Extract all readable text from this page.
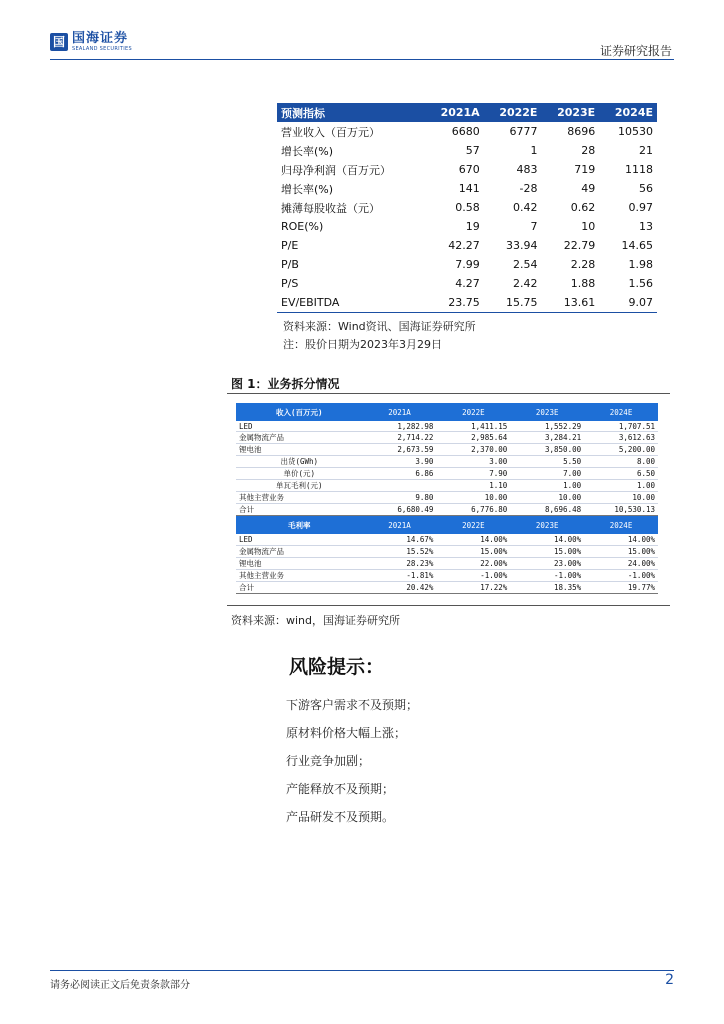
国 国海证券
SEALAND SECURITIES	证券研究报告
预测指标	2021A	2022E	2023E	2024E
营业收入（百万元）	6680	6777	8696	10530
增长率(%)	57	1	28	21
归母净利润（百万元）	670	483	719	1118
增长率(%)	141	-28	49	56
摊薄每股收益（元）	0.58	0.42	0.62	0.97
ROE(%)	19	7	10	13
P/E	42.27	33.94	22.79	14.65
P/B	7.99	2.54	2.28	1.98
P/S	4.27	2.42	1.88	1.56
EV/EBITDA	23.75	15.75	13.61	9.07
资料来源：Wind资讯、国海证券研究所
注：股价日期为2023年3月29日
图 1：业务拆分情况
收入(百万元)	2021A	2022E	2023E	2024E
LED	1,282.98	1,411.15	1,552.29	1,707.51
金属物流产品	2,714.22	2,985.64	3,284.21	3,612.63
锂电池	2,673.59	2,370.00	3,850.00	5,200.00
出货(GWh)	3.90	3.00	5.50	8.00
单价(元)	6.86	7.90	7.00	6.50
单瓦毛利(元)		1.10	1.00	1.00
其他主营业务	9.80	10.00	10.00	10.00
合计	6,680.49	6,776.80	8,696.48	10,530.13
毛利率	2021A	2022E	2023E	2024E
LED	14.67%	14.00%	14.00%	14.00%
金属物流产品	15.52%	15.00%	15.00%	15.00%
锂电池	28.23%	22.00%	23.00%	24.00%
其他主营业务	-1.81%	-1.00%	-1.00%	-1.00%
合计	20.42%	17.22%	18.35%	19.77%
资料来源：wind，国海证券研究所
风险提示：
下游客户需求不及预期；
原材料价格大幅上涨；
行业竞争加剧；
产能释放不及预期；
产品研发不及预期。
请务必阅读正文后免责条款部分	2
